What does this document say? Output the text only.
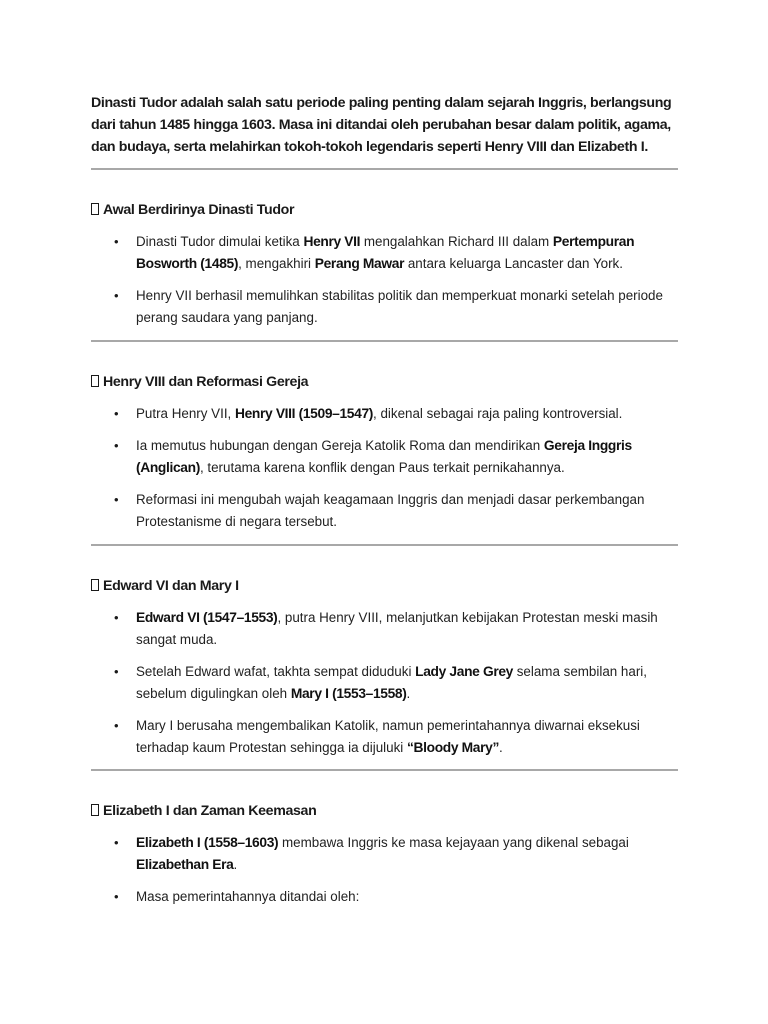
Dinasti Tudor adalah salah satu periode paling penting dalam sejarah Inggris, berlangsung dari tahun 1485 hingga 1603. Masa ini ditandai oleh perubahan besar dalam politik, agama, dan budaya, serta melahirkan tokoh-tokoh legendaris seperti Henry VIII dan Elizabeth I.

Awal Berdirinya Dinasti Tudor
• Dinasti Tudor dimulai ketika Henry VII mengalahkan Richard III dalam Pertempuran Bosworth (1485), mengakhiri Perang Mawar antara keluarga Lancaster dan York.
• Henry VII berhasil memulihkan stabilitas politik dan memperkuat monarki setelah periode perang saudara yang panjang.
Henry VIII dan Reformasi Gereja
• Putra Henry VII, Henry VIII (1509–1547), dikenal sebagai raja paling kontroversial.
• Ia memutus hubungan dengan Gereja Katolik Roma dan mendirikan Gereja Inggris (Anglican), terutama karena konflik dengan Paus terkait pernikahannya.
• Reformasi ini mengubah wajah keagamaan Inggris dan menjadi dasar perkembangan Protestanisme di negara tersebut.
Edward VI dan Mary I
• Edward VI (1547–1553), putra Henry VIII, melanjutkan kebijakan Protestan meski masih sangat muda.
• Setelah Edward wafat, takhta sempat diduduki Lady Jane Grey selama sembilan hari, sebelum digulingkan oleh Mary I (1553–1558).
• Mary I berusaha mengembalikan Katolik, namun pemerintahannya diwarnai eksekusi terhadap kaum Protestan sehingga ia dijuluki “Bloody Mary”.
Elizabeth I dan Zaman Keemasan
• Elizabeth I (1558–1603) membawa Inggris ke masa kejayaan yang dikenal sebagai Elizabethan Era.
• Masa pemerintahannya ditandai oleh:
